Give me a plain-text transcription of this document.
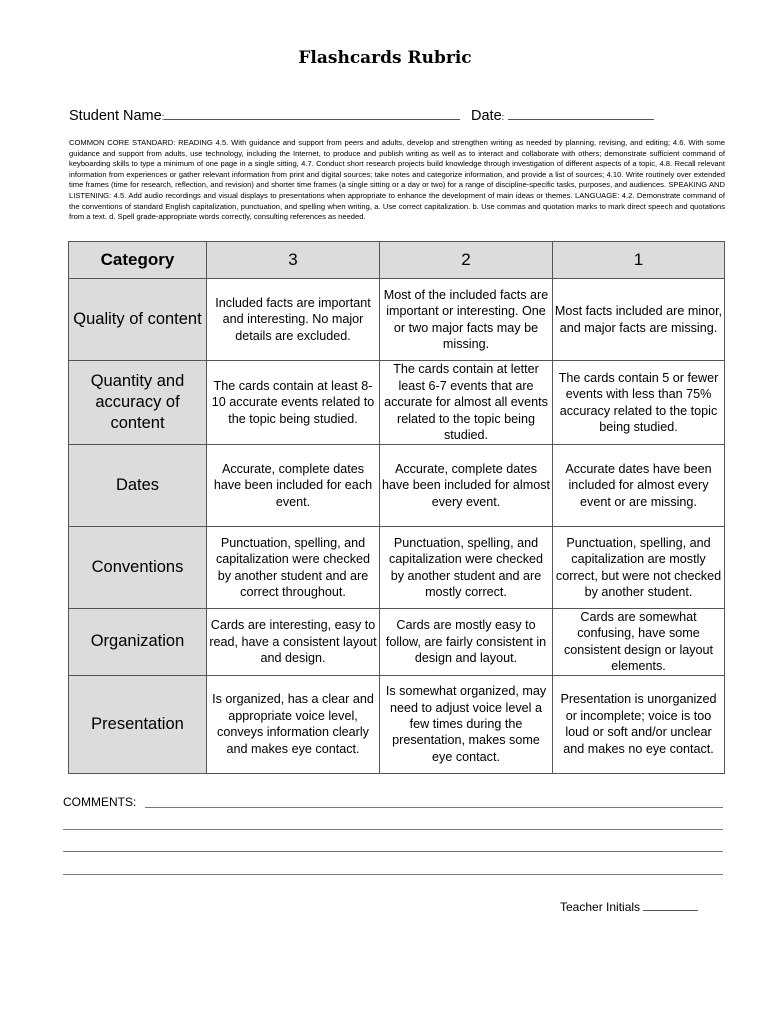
Flashcards Rubric
Student Name:	Date:
COMMON CORE STANDARD: READING 4.5. With guidance and support from peers and adults, develop and strengthen writing as needed by planning, revising, and editing; 4.6. With some guidance and support from adults, use technology, including the Internet, to produce and publish writing as well as to interact and collaborate with others; demonstrate sufficient command of keyboarding skills to type a minimum of one page in a single sitting, 4.7. Conduct short research projects build knowledge through investigation of different aspects of a topic, 4.8. Recall relevant information from experiences or gather relevant information from print and digital sources; take notes and categorize information, and provide a list of sources; 4.10. Write routinely over extended time frames (time for research, reflection, and revision) and shorter time frames (a single sitting or a day or two) for a range of discipline-specific tasks, purposes, and audiences. SPEAKING AND LISTENING: 4.5. Add audio recordings and visual displays to presentations when appropriate to enhance the development of main ideas or themes. LANGUAGE: 4.2. Demonstrate command of the conventions of standard English capitalization, punctuation, and spelling when writing, a. Use correct capitalization. b. Use commas and quotation marks to mark direct speech and quotations from a text. d. Spell grade-appropriate words correctly, consulting references as needed.
Category	3	2	1
Quality of content	Included facts are important and interesting. No major details are excluded.	Most of the included facts are important or interesting. One or two major facts may be missing.	Most facts included are minor, and major facts are missing.
Quantity and accuracy of content	The cards contain at least 8-10 accurate events related to the topic being studied.	The cards contain at letter least 6-7 events that are accurate for almost all events related to the topic being studied.	The cards contain 5 or fewer events with less than 75% accuracy related to the topic being studied.
Dates	Accurate, complete dates have been included for each event.	Accurate, complete dates have been included for almost every event.	Accurate dates have been included for almost every event or are missing.
Conventions	Punctuation, spelling, and capitalization were checked by another student and are correct throughout.	Punctuation, spelling, and capitalization were checked by another student and are mostly correct.	Punctuation, spelling, and capitalization are mostly correct, but were not checked by another student.
Organization	Cards are interesting, easy to read, have a consistent layout and design.	Cards are mostly easy to follow, are fairly consistent in design and layout.	Cards are somewhat confusing, have some consistent design or layout elements.
Presentation	Is organized, has a clear and appropriate voice level, conveys information clearly and makes eye contact.	Is somewhat organized, may need to adjust voice level a few times during the presentation, makes some eye contact.	Presentation is unorganized or incomplete; voice is too loud or soft and/or unclear and makes no eye contact.
COMMENTS:
Teacher Initials
